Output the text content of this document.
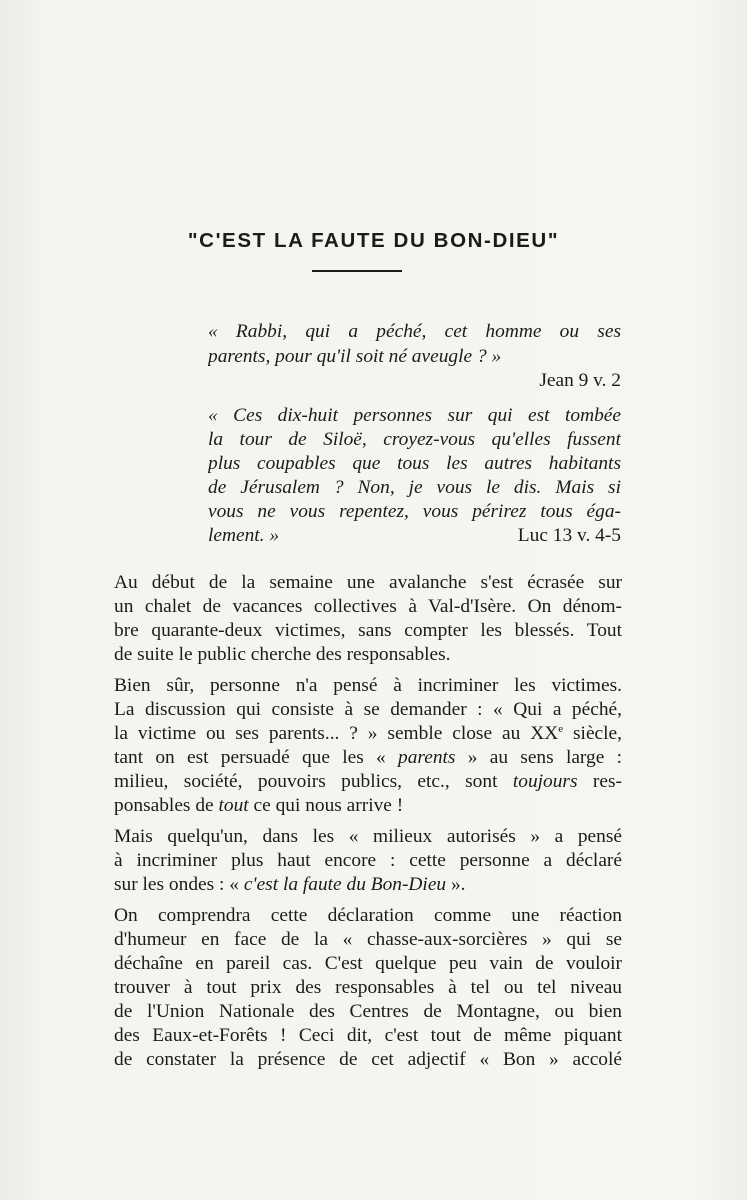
"C'EST LA FAUTE DU BON-DIEU"
« Rabbi, qui a péché, cet homme ou ses
parents, pour qu'il soit né aveugle ? »
Jean 9 v. 2
« Ces dix-huit personnes sur qui est tombée
la tour de Siloë, croyez-vous qu'elles fussent
plus coupables que tous les autres habitants
de Jérusalem ? Non, je vous le dis. Mais si
vous ne vous repentez, vous périrez tous éga-
lement. »	Luc 13 v. 4-5
Au début de la semaine une avalanche s'est écrasée sur
un chalet de vacances collectives à Val-d'Isère. On dénom-
bre quarante-deux victimes, sans compter les blessés. Tout
de suite le public cherche des responsables.
Bien sûr, personne n'a pensé à incriminer les victimes.
La discussion qui consiste à se demander : « Qui a péché,
la victime ou ses parents... ? » semble close au XXe siècle,
tant on est persuadé que les « parents » au sens large :
milieu, société, pouvoirs publics, etc., sont toujours res-
ponsables de tout ce qui nous arrive !
Mais quelqu'un, dans les « milieux autorisés » a pensé
à incriminer plus haut encore : cette personne a déclaré
sur les ondes : « c'est la faute du Bon-Dieu ».
On comprendra cette déclaration comme une réaction
d'humeur en face de la « chasse-aux-sorcières » qui se
déchaîne en pareil cas. C'est quelque peu vain de vouloir
trouver à tout prix des responsables à tel ou tel niveau
de l'Union Nationale des Centres de Montagne, ou bien
des Eaux-et-Forêts ! Ceci dit, c'est tout de même piquant
de constater la présence de cet adjectif « Bon » accolé
